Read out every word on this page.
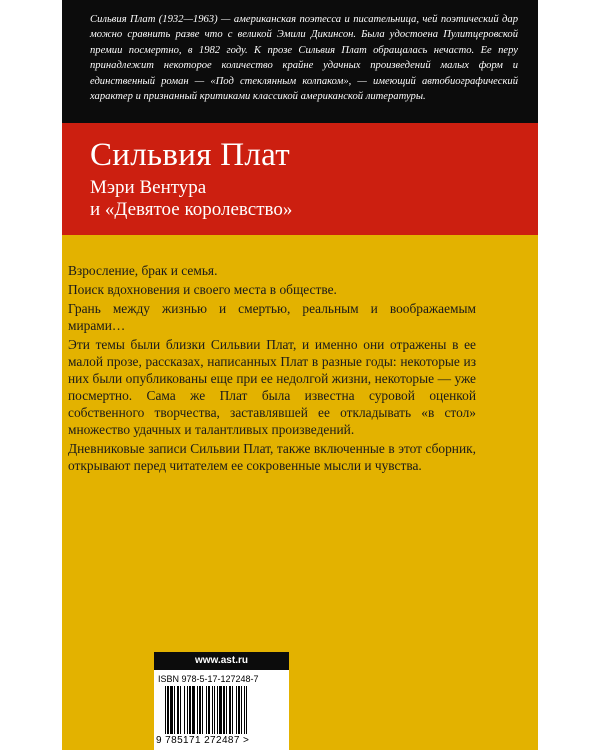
Сильвия Плат (1932—1963) — американская поэтесса и писательница, чей поэтический дар можно сравнить разве что с великой Эмили Дикинсон. Была удостоена Пулитцеровской премии посмертно, в 1982 году. К прозе Сильвия Плат обращалась нечасто. Ее перу принадлежит некоторое количество крайне удачных произведений малых форм и единственный роман — «Под стеклянным колпаком», — имеющий автобиографический характер и признанный критиками классикой американской литературы.

Сильвия Плат
Мэри Вентура
и «Девятое королевство»
www.ast.ru
ISBN 978-5-17-127248-7
9 785171 272487 >

Взросление, брак и семья.

Поиск вдохновения и своего места в обществе.

Грань между жизнью и смертью, реальным и воображаемым мирами…

Эти темы были близки Сильвии Плат, и именно они отражены в ее малой прозе, рассказах, написанных Плат в разные годы: некоторые из них были опубликованы еще при ее недолгой жизни, некоторые — уже посмертно. Сама же Плат была известна суровой оценкой собственного творчества, заставлявшей ее откладывать «в стол» множество удачных и талантливых произведений.

Дневниковые записи Сильвии Плат, также включенные в этот сборник, открывают перед читателем ее сокровенные мысли и чувства.
